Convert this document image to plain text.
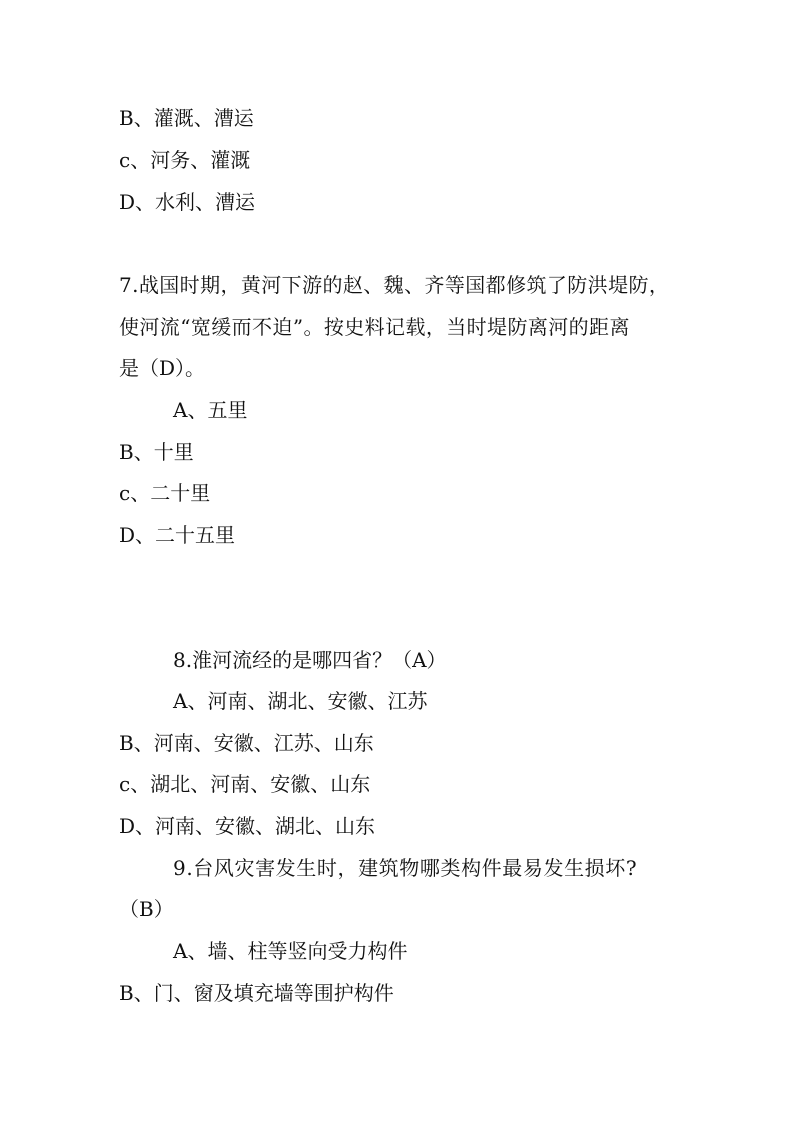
B、灌溉、漕运
c、河务、灌溉
D、水利、漕运
7.战国时期，黄河下游的赵、魏、齐等国都修筑了防洪堤防，
使河流“宽缓而不迫”。按史料记载，当时堤防离河的距离
是（D）。
A、五里
B、十里
c、二十里
D、二十五里
8.淮河流经的是哪四省？（A）
A、河南、湖北、安徽、江苏
B、河南、安徽、江苏、山东
c、湖北、河南、安徽、山东
D、河南、安徽、湖北、山东
9.台风灾害发生时，建筑物哪类构件最易发生损坏?
（B）
A、墙、柱等竖向受力构件
B、门、窗及填充墙等围护构件
